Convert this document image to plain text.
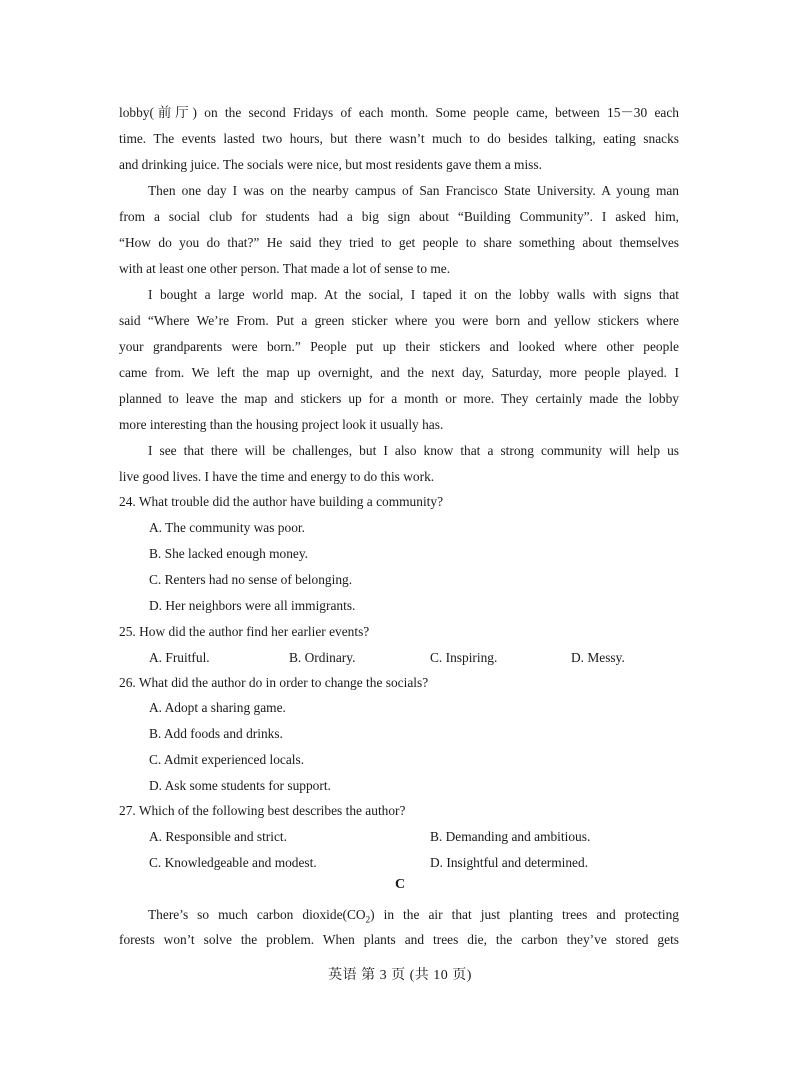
lobby(前厅) on the second Fridays of each month. Some people came, between 15－30 each
time. The events lasted two hours, but there wasn’t much to do besides talking, eating snacks
and drinking juice. The socials were nice, but most residents gave them a miss.
Then one day I was on the nearby campus of San Francisco State University. A young man
from a social club for students had a big sign about “Building Community”. I asked him,
“How do you do that?” He said they tried to get people to share something about themselves
with at least one other person. That made a lot of sense to me.
I bought a large world map. At the social, I taped it on the lobby walls with signs that
said “Where We’re From. Put a green sticker where you were born and yellow stickers where
your grandparents were born.” People put up their stickers and looked where other people
came from. We left the map up overnight, and the next day, Saturday, more people played. I
planned to leave the map and stickers up for a month or more. They certainly made the lobby
more interesting than the housing project look it usually has.
I see that there will be challenges, but I also know that a strong community will help us
live good lives. I have the time and energy to do this work.
24. What trouble did the author have building a community?
A. The community was poor.
B. She lacked enough money.
C. Renters had no sense of belonging.
D. Her neighbors were all immigrants.
25. How did the author find her earlier events?
A. Fruitful.	B. Ordinary.	C. Inspiring.	D. Messy.
26. What did the author do in order to change the socials?
A. Adopt a sharing game.
B. Add foods and drinks.
C. Admit experienced locals.
D. Ask some students for support.
27. Which of the following best describes the author?
A. Responsible and strict.	B. Demanding and ambitious.
C. Knowledgeable and modest.	D. Insightful and determined.
C
There’s so much carbon $dioxide(CO_2)$ in the air that just planting trees and protecting
forests won’t solve the problem. When plants and trees die, the carbon they’ve stored gets
英语 第 3 页 (共 10 页)
